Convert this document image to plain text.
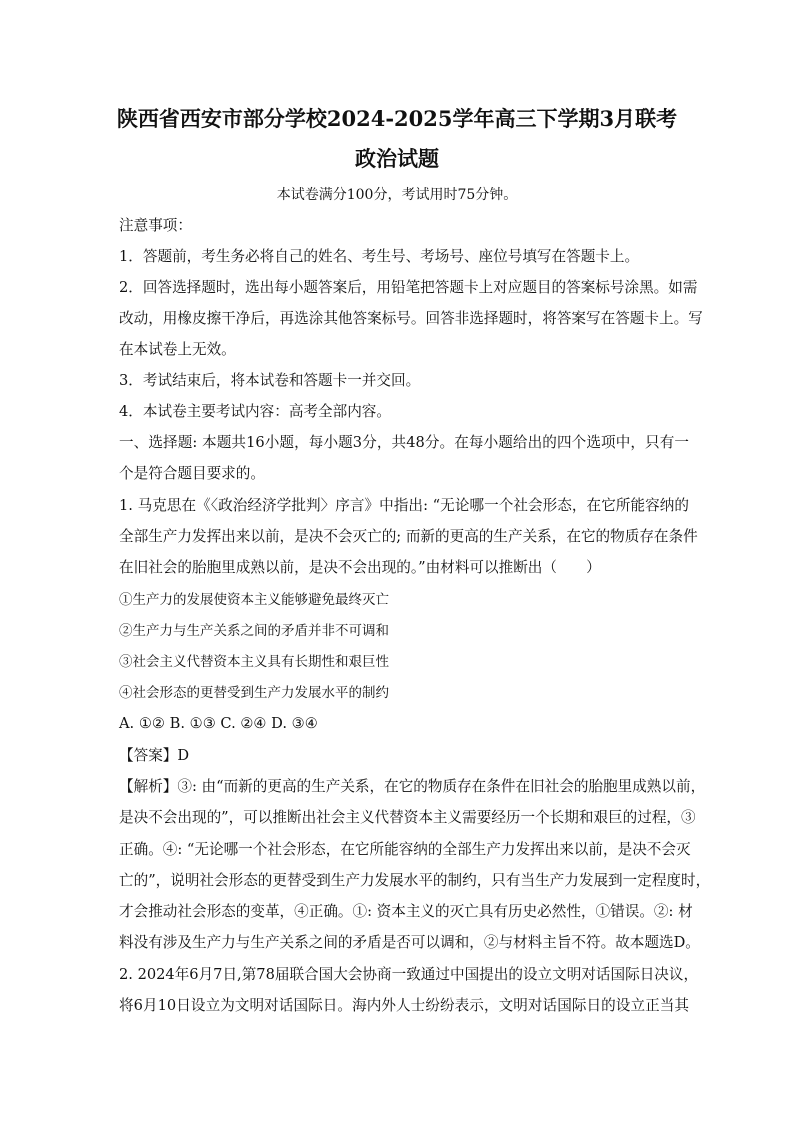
陕西省西安市部分学校2024-2025学年高三下学期3月联考
政治试题
本试卷满分100分，考试用时75分钟。
注意事项：
1．答题前，考生务必将自己的姓名、考生号、考场号、座位号填写在答题卡上。
2．回答选择题时，选出每小题答案后，用铅笔把答题卡上对应题目的答案标号涂黑。如需
改动，用橡皮擦干净后，再选涂其他答案标号。回答非选择题时，将答案写在答题卡上。写
在本试卷上无效。
3．考试结束后，将本试卷和答题卡一并交回。
4．本试卷主要考试内容：高考全部内容。
一、选择题: 本题共16小题，每小题3分，共48分。在每小题给出的四个选项中，只有一
个是符合题目要求的。
1. 马克思在《〈政治经济学批判〉序言》中指出: “无论哪一个社会形态，在它所能容纳的
全部生产力发挥出来以前，是决不会灭亡的; 而新的更高的生产关系，在它的物质存在条件
在旧社会的胎胞里成熟以前，是决不会出现的。”由材料可以推断出（　　）
①生产力的发展使资本主义能够避免最终灭亡
②生产力与生产关系之间的矛盾并非不可调和
③社会主义代替资本主义具有长期性和艰巨性
④社会形态的更替受到生产力发展水平的制约
A. ①② B. ①③ C. ②④ D. ③④
【答案】D
【解析】③: 由“而新的更高的生产关系，在它的物质存在条件在旧社会的胎胞里成熟以前，
是决不会出现的”，可以推断出社会主义代替资本主义需要经历一个长期和艰巨的过程，③
正确。④: “无论哪一个社会形态，在它所能容纳的全部生产力发挥出来以前，是决不会灭
亡的”，说明社会形态的更替受到生产力发展水平的制约，只有当生产力发展到一定程度时，
才会推动社会形态的变革，④正确。①: 资本主义的灭亡具有历史必然性，①错误。②: 材
料没有涉及生产力与生产关系之间的矛盾是否可以调和，②与材料主旨不符。故本题选D。
2. 2024年6月7日,第78届联合国大会协商一致通过中国提出的设立文明对话国际日决议，
将6月10日设立为文明对话国际日。海内外人士纷纷表示，文明对话国际日的设立正当其
